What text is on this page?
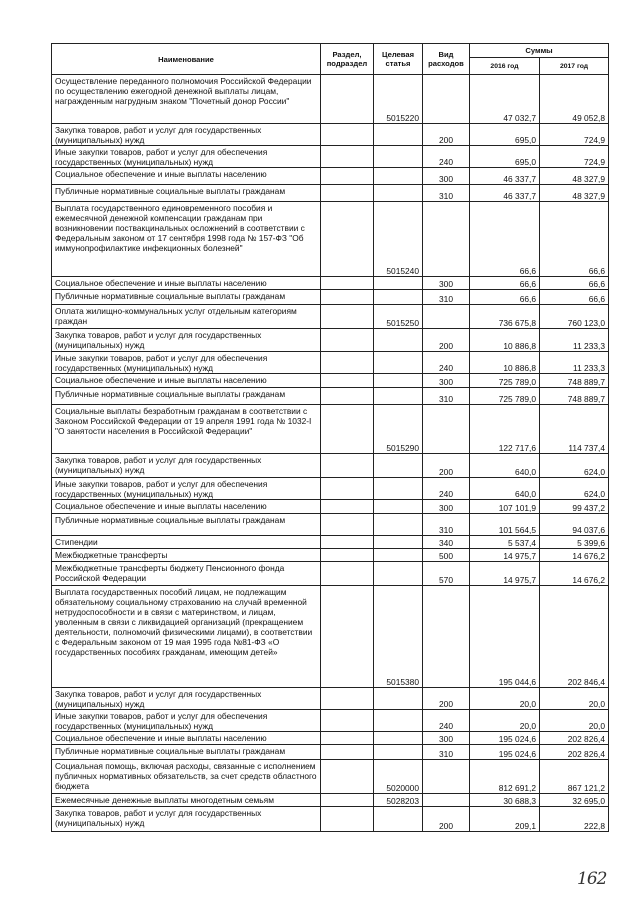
Наименование	Раздел, подраздел	Целевая статья	Вид расходов	Суммы	
				2016 год	2017 год
Осуществление переданного полномочия Российской Федерации по осуществлению ежегодной денежной выплаты лицам, награжденным нагрудным знаком "Почетный донор России"		5015220		47 032,7	49 052,8
Закупка товаров, работ и услуг для государственных (муниципальных) нужд			200	695,0	724,9
Иные закупки товаров, работ и услуг для обеспечения государственных (муниципальных) нужд			240	695,0	724,9
Социальное обеспечение и иные выплаты населению			300	46 337,7	48 327,9
Публичные нормативные социальные выплаты гражданам			310	46 337,7	48 327,9
Выплата государственного единовременного пособия и ежемесячной денежной компенсации гражданам при возникновении поствакцинальных осложнений в соответствии с Федеральным законом от 17 сентября 1998 года № 157-ФЗ "Об иммунопрофилактике инфекционных болезней"		5015240		66,6	66,6
Социальное обеспечение и иные выплаты населению			300	66,6	66,6
Публичные нормативные социальные выплаты гражданам			310	66,6	66,6
Оплата жилищно-коммунальных услуг отдельным категориям граждан		5015250		736 675,8	760 123,0
Закупка товаров, работ и услуг для государственных (муниципальных) нужд			200	10 886,8	11 233,3
Иные закупки товаров, работ и услуг для обеспечения государственных (муниципальных) нужд			240	10 886,8	11 233,3
Социальное обеспечение и иные выплаты населению			300	725 789,0	748 889,7
Публичные нормативные социальные выплаты гражданам			310	725 789,0	748 889,7
Социальные выплаты безработным гражданам в соответствии с Законом Российской Федерации от 19 апреля 1991 года № 1032-I "О занятости населения в Российской Федерации"		5015290		122 717,6	114 737,4
Закупка товаров, работ и услуг для государственных (муниципальных) нужд			200	640,0	624,0
Иные закупки товаров, работ и услуг для обеспечения государственных (муниципальных) нужд			240	640,0	624,0
Социальное обеспечение и иные выплаты населению			300	107 101,9	99 437,2
Публичные нормативные социальные выплаты гражданам			310	101 564,5	94 037,6
Стипендии			340	5 537,4	5 399,6
Межбюджетные трансферты			500	14 975,7	14 676,2
Межбюджетные трансферты бюджету Пенсионного фонда Российской Федерации			570	14 975,7	14 676,2
Выплата государственных пособий лицам, не подлежащим обязательному социальному страхованию на случай временной нетрудоспособности и в связи с материнством, и лицам, уволенным в связи с ликвидацией организаций (прекращением деятельности, полномочий физическими лицами), в соответствии с Федеральным законом от 19 мая 1995 года №81-ФЗ «О государственных пособиях гражданам, имеющим детей»		5015380		195 044,6	202 846,4
Закупка товаров, работ и услуг для государственных (муниципальных) нужд			200	20,0	20,0
Иные закупки товаров, работ и услуг для обеспечения государственных (муниципальных) нужд			240	20,0	20,0
Социальное обеспечение и иные выплаты населению			300	195 024,6	202 826,4
Публичные нормативные социальные выплаты гражданам			310	195 024,6	202 826,4
Социальная помощь, включая расходы, связанные с исполнением публичных нормативных обязательств, за счет средств областного бюджета		5020000		812 691,2	867 121,2
Ежемесячные денежные выплаты многодетным семьям		5028203		30 688,3	32 695,0
Закупка товаров, работ и услуг для государственных (муниципальных) нужд			200	209,1	222,8
162
